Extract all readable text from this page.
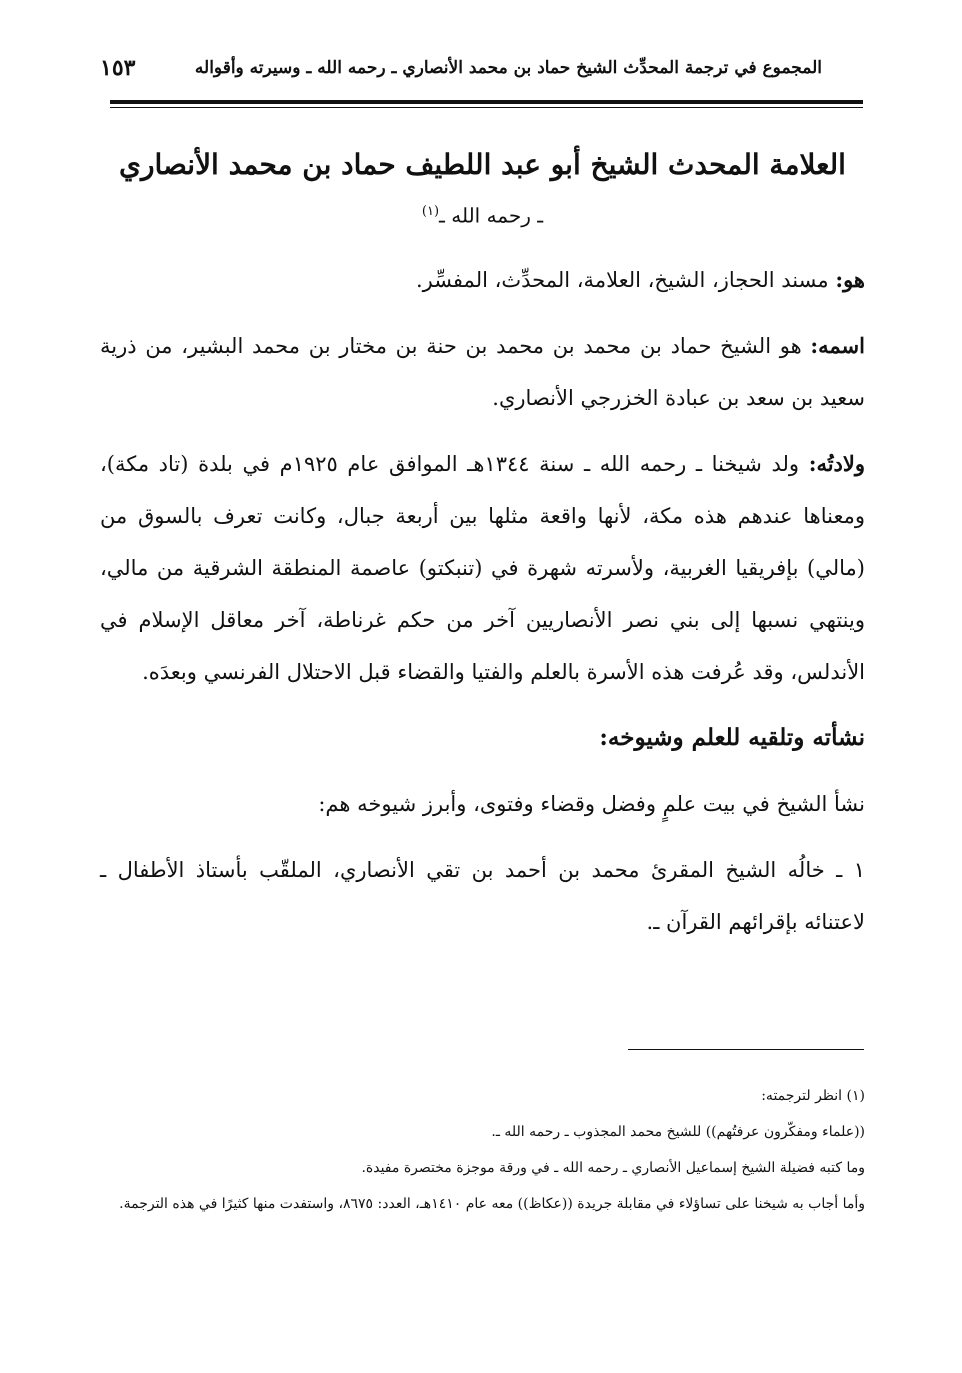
المجموع في ترجمة المحدِّث الشيخ حماد بن محمد الأنصاري ـ رحمه الله ـ وسيرته وأقواله
١٥٣
العلامة المحدث الشيخ أبو عبد اللطيف حماد بن محمد الأنصاري

ـ رحمه الله ـ$^{(١)}$

هو: مسند الحجاز، الشيخ، العلامة، المحدِّث، المفسِّر.

اسمه: هو الشيخ حماد بن محمد بن محمد بن حنة بن مختار بن محمد البشير، من ذرية سعيد بن سعد بن عبادة الخزرجي الأنصاري.

ولادتُه: ولد شيخنا ـ رحمه الله ـ سنة ١٣٤٤هـ الموافق عام ١٩٢٥م في بلدة (تاد مكة)، ومعناها عندهم هذه مكة، لأنها واقعة مثلها بين أربعة جبال، وكانت تعرف بالسوق من (مالي) بإفريقيا الغربية، ولأسرته شهرة في (تنبكتو) عاصمة المنطقة الشرقية من مالي، وينتهي نسبها إلى بني نصر الأنصاريين آخر من حكم غرناطة، آخر معاقل الإسلام في الأندلس، وقد عُرفت هذه الأسرة بالعلم والفتيا والقضاء قبل الاحتلال الفرنسي وبعدَه.

نشأته وتلقيه للعلم وشيوخه:

نشأ الشيخ في بيت علمٍ وفضل وقضاء وفتوى، وأبرز شيوخه هم:

١ ـ خالُه الشيخ المقرئ محمد بن أحمد بن تقي الأنصاري، الملقّب بأستاذ الأطفال ـ لاعتنائه بإقرائهم القرآن ـ.

(١) انظر لترجمته:

((علماء ومفكّرون عرفتُهم)) للشيخ محمد المجذوب ـ رحمه الله ـ.

وما كتبه فضيلة الشيخ إسماعيل الأنصاري ـ رحمه الله ـ في ورقة موجزة مختصرة مفيدة.

وأما أجاب به شيخنا على تساؤلاء في مقابلة جريدة ((عكاظ)) معه عام ١٤١٠هـ، العدد: ٨٦٧٥، واستفدت منها كثيرًا في هذه الترجمة.
